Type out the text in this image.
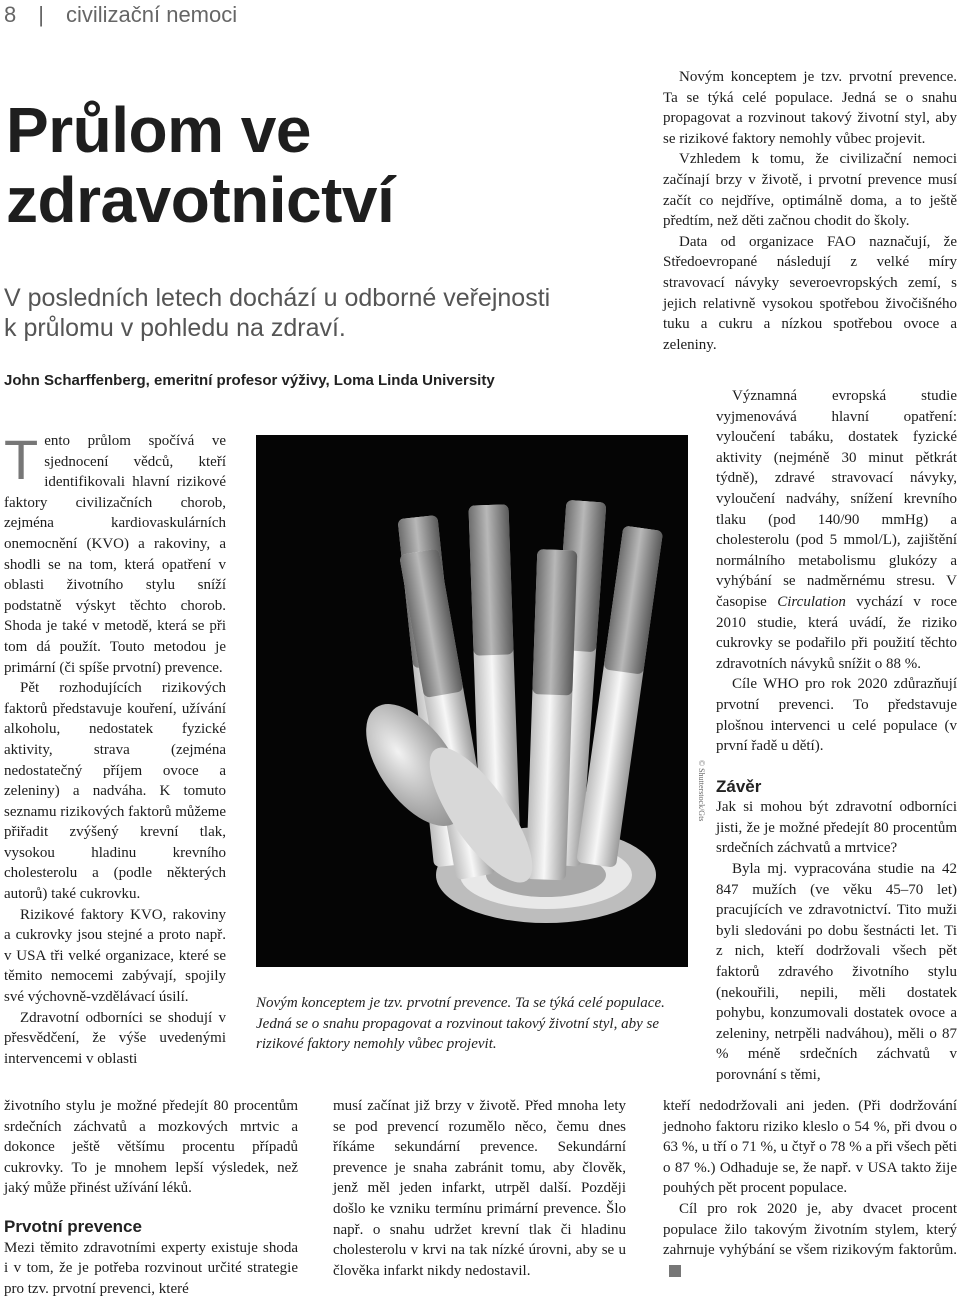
8 | civilizační nemoci
Průlom ve
zdravotnictví
V posledních letech dochází u odborné veřejnosti
k průlomu v pohledu na zdraví.
John Scharffenberg, emeritní profesor výživy, Loma Linda University

Tento průlom spočívá ve sjednocení vědců, kteří identifikovali hlavní rizikové faktory civilizačních chorob, zejména kardiovaskulárních onemocnění (KVO) a rakoviny, a shodli se na tom, která opatření v oblasti životního stylu sníží podstatně výskyt těchto chorob. Shoda je také v metodě, která se při tom dá použít. Touto metodou je primární (či spíše prvotní) prevence.

Pět rozhodujících rizikových faktorů představuje kouření, užívání alkoholu, nedostatek fyzické aktivity, strava (zejména nedostatečný příjem ovoce a zeleniny) a nadváha. K tomuto seznamu rizikových faktorů můžeme přiřadit zvýšený krevní tlak, vysokou hladinu krevního cholesterolu a (podle některých autorů) také cukrovku.

Rizikové faktory KVO, rakoviny a cukrovky jsou stejné a proto např. v USA tři velké organizace, které se těmito nemocemi zabývají, spojily své výchovně-vzdělávací úsilí.

Zdravotní odborníci se shodují v přesvědčení, že výše uvedenými intervencemi v oblasti

životního stylu je možné předejít 80 procentům srdečních záchvatů a mozkových mrtvic a dokonce ještě většímu procentu případů cukrovky. To je mnohem lepší výsledek, než jaký může přinést užívání léků.

Prvotní prevence

Mezi těmito zdravotními experty existuje shoda i v tom, že je potřeba rozvinout určité strategie pro tzv. prvotní prevenci, které

© Shutterstock/Gts
Novým konceptem je tzv. prvotní prevence. Ta se týká celé populace. Jedná se o snahu propagovat a rozvinout takový životní styl, aby se rizikové faktory nemohly vůbec projevit.

musí začínat již brzy v životě. Před mnoha lety se pod prevencí rozumělo něco, čemu dnes říkáme sekundární prevence. Sekundární prevence je snaha zabránit tomu, aby člověk, jenž měl jeden infarkt, utrpěl další. Později došlo ke vzniku termínu primární prevence. Šlo např. o snahu udržet krevní tlak či hladinu cholesterolu v krvi na tak nízké úrovni, aby se u člověka infarkt nikdy nedostavil.

Novým konceptem je tzv. prvotní prevence. Ta se týká celé populace. Jedná se o snahu propagovat a rozvinout takový životní styl, aby se rizikové faktory nemohly vůbec projevit.

Vzhledem k tomu, že civilizační nemoci začínají brzy v životě, i prvotní prevence musí začít co nejdříve, optimálně doma, a to ještě předtím, než děti začnou chodit do školy.

Data od organizace FAO naznačují, že Středoevropané následují z velké míry stravovací návyky severoevropských zemí, s jejich relativně vysokou spotřebou živočišného tuku a cukru a nízkou spotřebou ovoce a zeleniny.

Významná evropská studie vyjmenovává hlavní opatření: vyloučení tabáku, dostatek fyzické aktivity (nejméně 30 minut pětkrát týdně), zdravé stravovací návyky, vyloučení nadváhy, snížení krevního tlaku (pod 140/90 mmHg) a cholesterolu (pod 5 mmol/L), zajištění normálního metabolismu glukózy a vyhýbání se nadměrnému stresu. V časopise Circulation vychází v roce 2010 studie, která uvádí, že riziko cukrovky se podařilo při použití těchto zdravotních návyků snížit o 88 %.

Cíle WHO pro rok 2020 zdůrazňují prvotní prevenci. To představuje plošnou intervenci u celé populace (v první řadě u dětí).

Závěr

Jak si mohou být zdravotní odborníci jisti, že je možné předejít 80 procentům srdečních záchvatů a mrtvice?

Byla mj. vypracována studie na 42 847 mužích (ve věku 45–70 let) pracujících ve zdravotnictví. Tito muži byli sledováni po dobu šestnácti let. Ti z nich, kteří dodržovali všech pět faktorů zdravého životního stylu (nekouřili, nepili, měli dostatek pohybu, konzumovali dostatek ovoce a zeleniny, netrpěli nadváhou), měli o 87 % méně srdečních záchvatů v porovnání s těmi,

kteří nedodržovali ani jeden. (Při dodržování jednoho faktoru riziko kleslo o 54 %, při dvou o 63 %, u tří o 71 %, u čtyř o 78 % a při všech pěti o 87 %.) Odhaduje se, že např. v USA takto žije pouhých pět procent populace.

Cíl pro rok 2020 je, aby dvacet procent populace žilo takovým životním stylem, který zahrnuje vyhýbání se všem rizikovým faktorům.
